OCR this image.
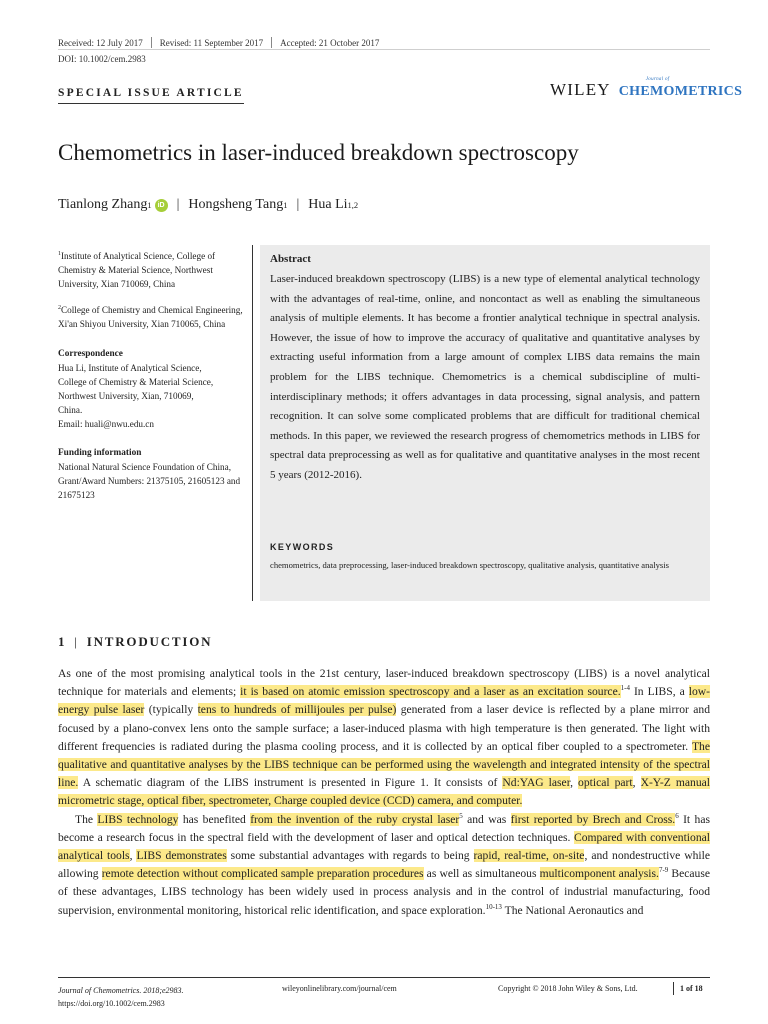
Received: 12 July 2017 Revised: 11 September 2017 Accepted: 21 October 2017
DOI: 10.1002/cem.2983
SPECIAL ISSUE ARTICLE	WILEY
Journal of
CHEMOMETRICS
Chemometrics in laser-induced breakdown spectroscopy
Tianlong Zhang 1 iD | Hongsheng Tang 1 | Hua Li 1,2

$^1$Institute of Analytical Science, College of Chemistry & Material Science, Northwest University, Xian 710069, China

$^2$College of Chemistry and Chemical Engineering, Xi'an Shiyou University, Xian 710065, China

Correspondence

Hua Li, Institute of Analytical Science,

College of Chemistry & Material Science,

Northwest University, Xian, 710069,

China.

Email: huali@nwu.edu.cn

Funding information

National Natural Science Foundation of China, Grant/Award Numbers: 21375105, 21605123 and 21675123

Abstract
Laser-induced breakdown spectroscopy (LIBS) is a new type of elemental analytical technology with the advantages of real-time, online, and noncontact as well as enabling the simultaneous analysis of multiple elements. It has become a frontier analytical technique in spectral analysis. However, the issue of how to improve the accuracy of qualitative and quantitative analyses by extracting useful information from a large amount of complex LIBS data remains the main problem for the LIBS technique. Chemometrics is a chemical subdiscipline of multi-interdisciplinary methods; it offers advantages in data processing, signal analysis, and pattern recognition. It can solve some complicated problems that are difficult for traditional chemical methods. In this paper, we reviewed the research progress of chemometrics methods in LIBS for spectral data preprocessing as well as for qualitative and quantitative analyses in the most recent 5 years (2012-2016).
KEYWORDS
chemometrics, data preprocessing, laser-induced breakdown spectroscopy, qualitative analysis, quantitative analysis
1 | INTRODUCTION

As one of the most promising analytical tools in the 21st century, laser-induced breakdown spectroscopy (LIBS) is a novel analytical technique for materials and elements; it is based on atomic emission spectroscopy and a laser as an excitation source.$^{1-4}$ In LIBS, a low-energy pulse laser (typically tens to hundreds of millijoules per pulse) generated from a laser device is reflected by a plane mirror and focused by a plano-convex lens onto the sample surface; a laser-induced plasma with high temperature is then generated. The light with different frequencies is radiated during the plasma cooling process, and it is collected by an optical fiber coupled to a spectrometer. The qualitative and quantitative analyses by the LIBS technique can be performed using the wavelength and integrated intensity of the spectral line. A schematic diagram of the LIBS instrument is presented in Figure 1. It consists of Nd:YAG laser, optical part, X-Y-Z manual micrometric stage, optical fiber, spectrometer, Charge coupled device (CCD) camera, and computer.

The LIBS technology has benefited from the invention of the ruby crystal laser$^5$ and was first reported by Brech and Cross.$^6$ It has become a research focus in the spectral field with the development of laser and optical detection techniques. Compared with conventional analytical tools, LIBS demonstrates some substantial advantages with regards to being rapid, real-time, on-site, and nondestructive while allowing remote detection without complicated sample preparation procedures as well as simultaneous multicomponent analysis.$^{7-9}$ Because of these advantages, LIBS technology has been widely used in process analysis and in the control of industrial manufacturing, food supervision, environmental monitoring, historical relic identification, and space exploration.$^{10-13}$ The National Aeronautics and

Journal of Chemometrics. 2018;e2983.
https://doi.org/10.1002/cem.2983
wileyonlinelibrary.com/journal/cem	Copyright © 2018 John Wiley & Sons, Ltd.	1 of 18
